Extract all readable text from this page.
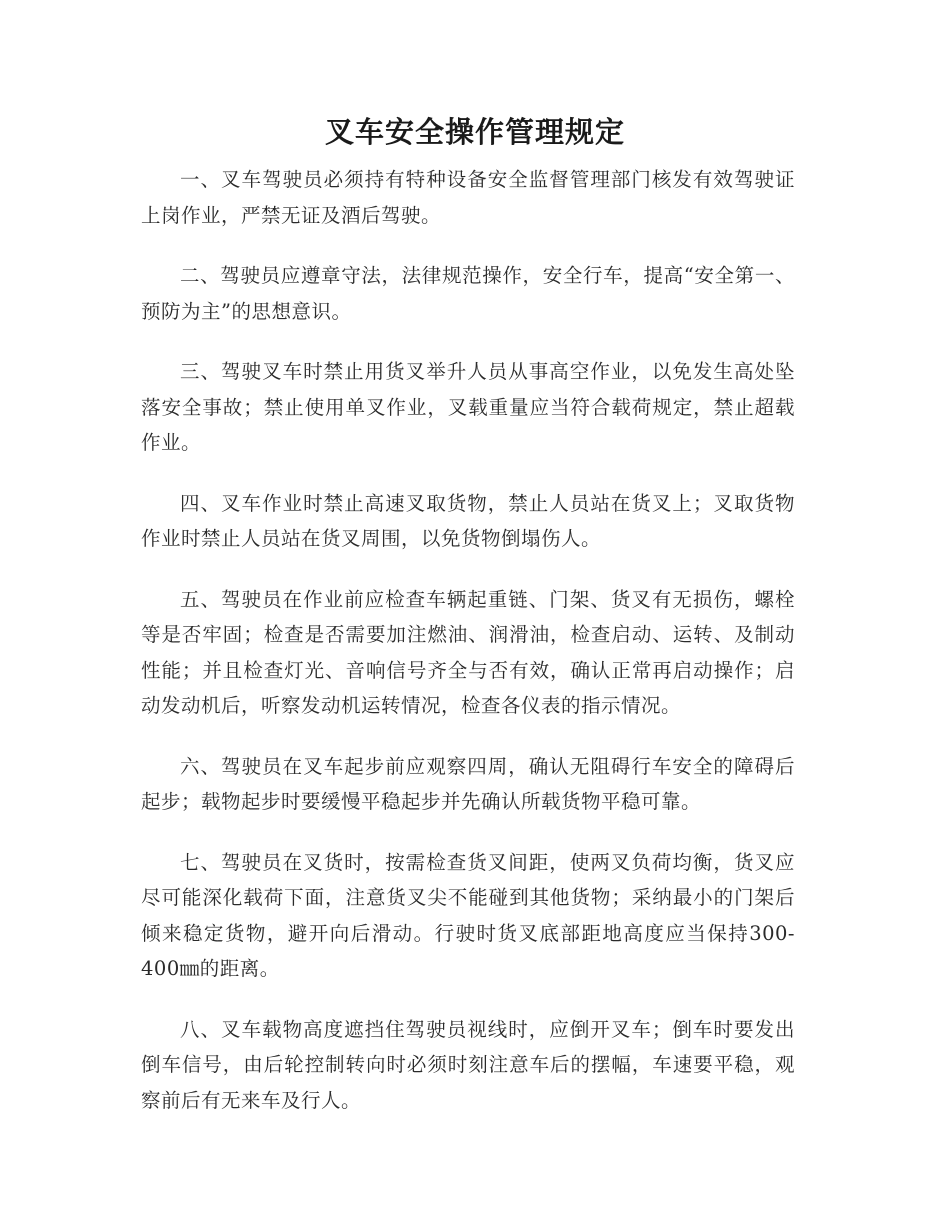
叉车安全操作管理规定

一、叉车驾驶员必须持有特种设备安全监督管理部门核发有效驾驶证上岗作业，严禁无证及酒后驾驶。

二、驾驶员应遵章守法，法律规范操作，安全行车，提高“安全第一、预防为主”的思想意识。

三、驾驶叉车时禁止用货叉举升人员从事高空作业，以免发生高处坠落安全事故；禁止使用单叉作业，叉载重量应当符合载荷规定，禁止超载作业。

四、叉车作业时禁止高速叉取货物，禁止人员站在货叉上；叉取货物作业时禁止人员站在货叉周围，以免货物倒塌伤人。

五、驾驶员在作业前应检查车辆起重链、门架、货叉有无损伤，螺栓等是否牢固；检查是否需要加注燃油、润滑油，检查启动、运转、及制动性能；并且检查灯光、音响信号齐全与否有效，确认正常再启动操作；启动发动机后，听察发动机运转情况，检查各仪表的指示情况。

六、驾驶员在叉车起步前应观察四周，确认无阻碍行车安全的障碍后起步；载物起步时要缓慢平稳起步并先确认所载货物平稳可靠。

七、驾驶员在叉货时，按需检查货叉间距，使两叉负荷均衡，货叉应尽可能深化载荷下面，注意货叉尖不能碰到其他货物；采纳最小的门架后倾来稳定货物，避开向后滑动。行驶时货叉底部距地高度应当保持300-400㎜的距离。

八、叉车载物高度遮挡住驾驶员视线时，应倒开叉车；倒车时要发出倒车信号，由后轮控制转向时必须时刻注意车后的摆幅，车速要平稳，观察前后有无来车及行人。
